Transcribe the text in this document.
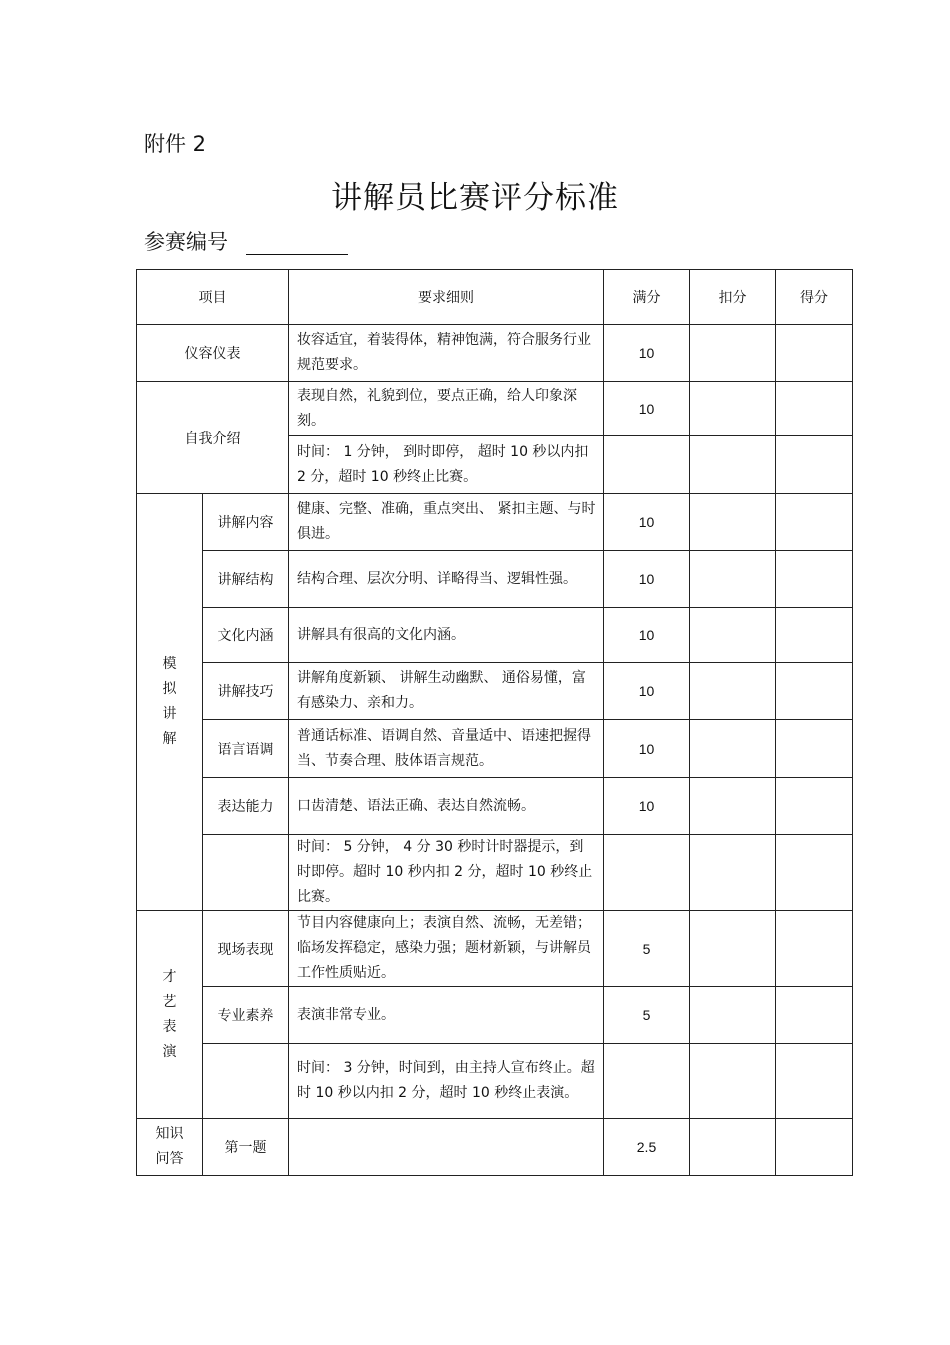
附件 2
讲解员比赛评分标准
参赛编号
项目		要求细则	满分	扣分	得分
仪容仪表		妆容适宜，着装得体，精神饱满，符合服务行业规范要求。	10		
自我介绍		表现自然，礼貌到位，要点正确，给人印象深刻。	10		
		时间： 1 分钟， 到时即停， 超时 10 秒以内扣 2 分，超时 10 秒终止比赛。			
模拟讲解	讲解内容	健康、完整、准确，重点突出、 紧扣主题、与时俱进。	10		
	讲解结构	结构合理、层次分明、详略得当、逻辑性强。	10		
	文化内涵	讲解具有很高的文化内涵。	10		
	讲解技巧	讲解角度新颖、 讲解生动幽默、 通俗易懂，富有感染力、亲和力。	10		
	语言语调	普通话标准、语调自然、音量适中、语速把握得当、节奏合理、肢体语言规范。	10		
	表达能力	口齿清楚、语法正确、表达自然流畅。	10		
		时间： 5 分钟， 4 分 30 秒时计时器提示，到时即停。超时 10 秒内扣 2 分，超时 10 秒终止比赛。			
才艺表演	现场表现	节目内容健康向上；表演自然、流畅，无差错；临场发挥稳定，感染力强；题材新颖，与讲解员工作性质贴近。	5		
	专业素养	表演非常专业。	5		
		时间： 3 分钟，时间到，由主持人宣布终止。超时 10 秒以内扣 2 分，超时 10 秒终止表演。			
知识问答	第一题		2.5		
